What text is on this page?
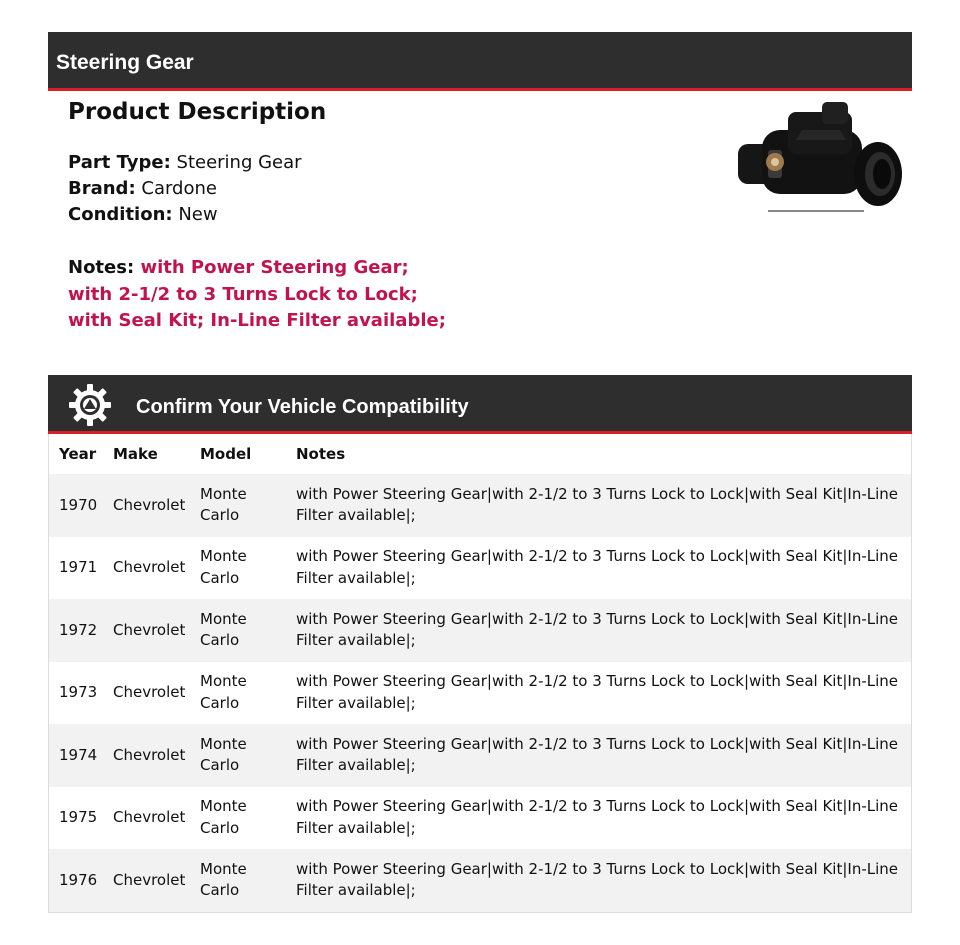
Steering Gear
Product Description
Part Type: Steering Gear
Brand: Cardone
Condition: New
Notes: with Power Steering Gear; with 2-1/2 to 3 Turns Lock to Lock; with Seal Kit; In-Line Filter available;
Confirm Your Vehicle Compatibility
Year	Make	Model	Notes
1970	Chevrolet	Monte Carlo	with Power Steering Gear|with 2-1/2 to 3 Turns Lock to Lock|with Seal Kit|In-Line Filter available|;
1971	Chevrolet	Monte Carlo	with Power Steering Gear|with 2-1/2 to 3 Turns Lock to Lock|with Seal Kit|In-Line Filter available|;
1972	Chevrolet	Monte Carlo	with Power Steering Gear|with 2-1/2 to 3 Turns Lock to Lock|with Seal Kit|In-Line Filter available|;
1973	Chevrolet	Monte Carlo	with Power Steering Gear|with 2-1/2 to 3 Turns Lock to Lock|with Seal Kit|In-Line Filter available|;
1974	Chevrolet	Monte Carlo	with Power Steering Gear|with 2-1/2 to 3 Turns Lock to Lock|with Seal Kit|In-Line Filter available|;
1975	Chevrolet	Monte Carlo	with Power Steering Gear|with 2-1/2 to 3 Turns Lock to Lock|with Seal Kit|In-Line Filter available|;
1976	Chevrolet	Monte Carlo	with Power Steering Gear|with 2-1/2 to 3 Turns Lock to Lock|with Seal Kit|In-Line Filter available|;
